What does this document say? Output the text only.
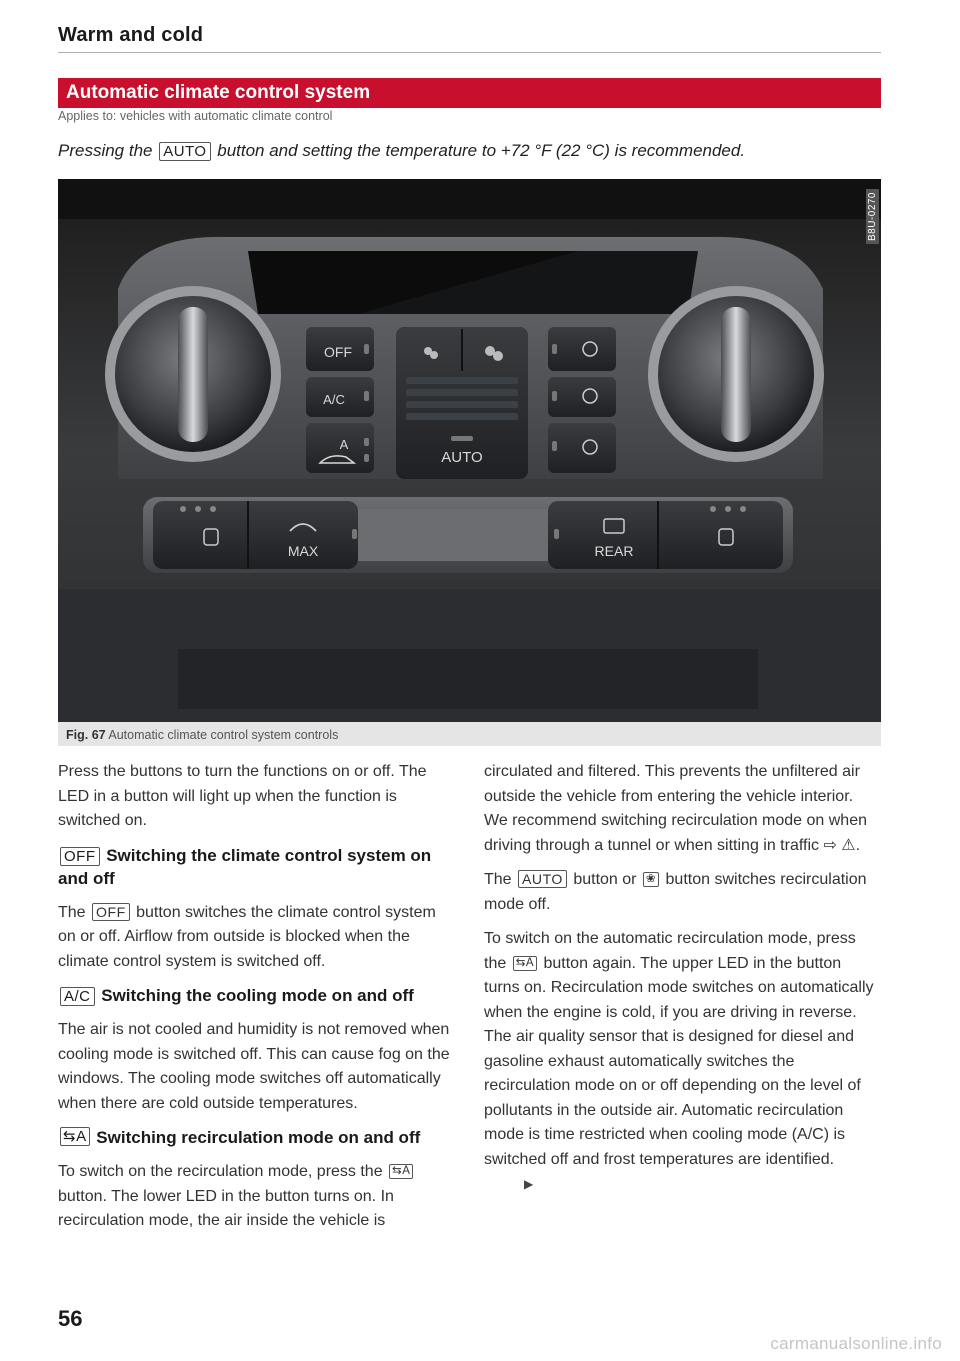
Warm and cold
Automatic climate control system
Applies to: vehicles with automatic climate control
Pressing the AUTO button and setting the temperature to +72 °F (22 °C) is recommended.
OFF
A/C
A
AUTO
MAX	REAR
B8U-0270
Fig. 67 Automatic climate control system controls

Press the buttons to turn the functions on or off. The LED in a button will light up when the function is switched on.

OFF Switching the climate control system on and off

The OFF button switches the climate control system on or off. Airflow from outside is blocked when the climate control system is switched off.

A/C Switching the cooling mode on and off

The air is not cooled and humidity is not removed when cooling mode is switched off. This can cause fog on the windows. The cooling mode switches off automatically when there are cold outside temperatures.

⇆A Switching recirculation mode on and off

To switch on the recirculation mode, press the ⇆A button. The lower LED in the button turns on. In recirculation mode, the air inside the vehicle is

circulated and filtered. This prevents the unfiltered air outside the vehicle from entering the vehicle interior. We recommend switching recirculation mode on when driving through a tunnel or when sitting in traffic ⇨ ⚠.

The AUTO button or ❀ button switches recirculation mode off.

To switch on the automatic recirculation mode, press the ⇆A button again. The upper LED in the button turns on. Recirculation mode switches on automatically when the engine is cold, if you are driving in reverse. The air quality sensor that is designed for diesel and gasoline exhaust automatically switches the recirculation mode on or off depending on the level of pollutants in the outside air. Automatic recirculation mode is time restricted when cooling mode (A/C) is switched off and frost temperatures are identified.▶

56
carmanualsonline.info
